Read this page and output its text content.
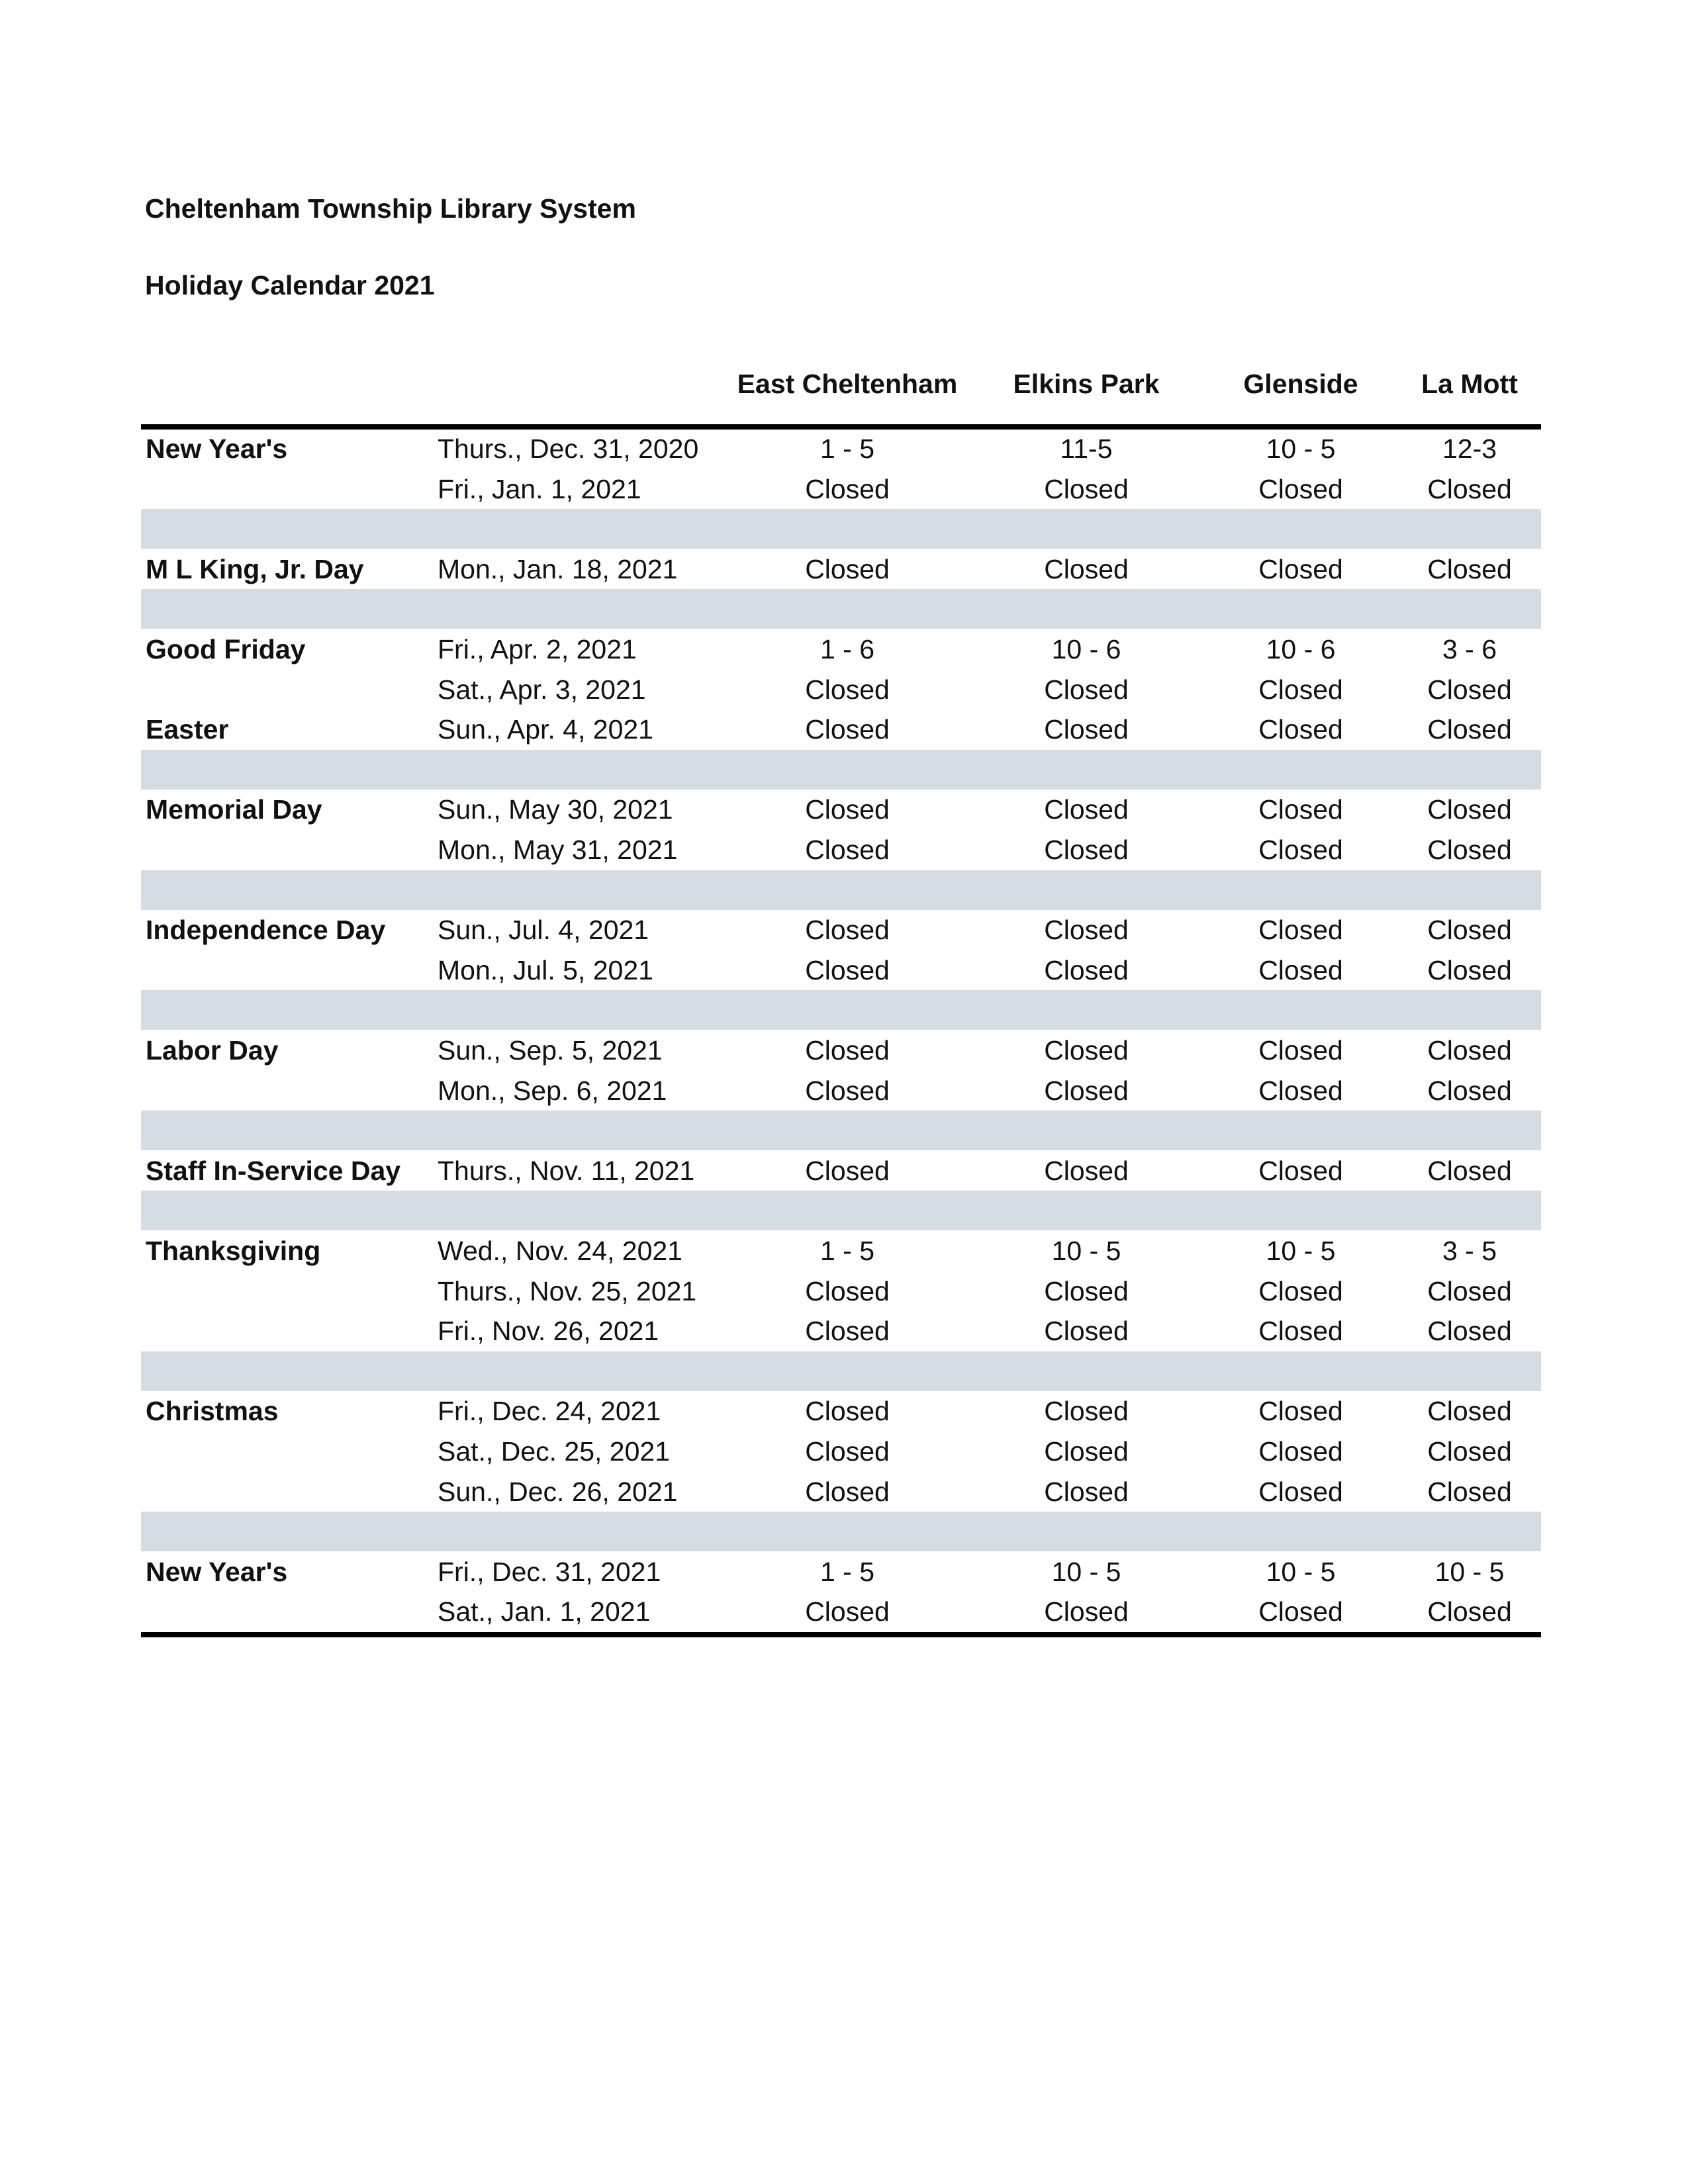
Cheltenham Township Library System
Holiday Calendar 2021
East Cheltenham	Elkins Park	Glenside	La Mott
New Year's	Thurs., Dec. 31, 2020	1 - 5	11-5	10 - 5	12-3
Fri., Jan. 1, 2021	Closed	Closed	Closed	Closed
M L King, Jr. Day	Mon., Jan. 18, 2021	Closed	Closed	Closed	Closed
Good Friday	Fri., Apr. 2, 2021	1 - 6	10 - 6	10 - 6	3 - 6
Sat., Apr. 3, 2021	Closed	Closed	Closed	Closed
Easter	Sun., Apr. 4, 2021	Closed	Closed	Closed	Closed
Memorial Day	Sun., May 30, 2021	Closed	Closed	Closed	Closed
Mon., May 31, 2021	Closed	Closed	Closed	Closed
Independence Day Sun., Jul. 4, 2021	Closed	Closed	Closed	Closed
Mon., Jul. 5, 2021	Closed	Closed	Closed	Closed
Labor Day	Sun., Sep. 5, 2021	Closed	Closed	Closed	Closed
Mon., Sep. 6, 2021	Closed	Closed	Closed	Closed
Staff In-Service Day Thurs., Nov. 11, 2021	Closed	Closed	Closed	Closed
Thanksgiving	Wed., Nov. 24, 2021	1 - 5	10 - 5	10 - 5	3 - 5
Thurs., Nov. 25, 2021	Closed	Closed	Closed	Closed
Fri., Nov. 26, 2021	Closed	Closed	Closed	Closed
Christmas	Fri., Dec. 24, 2021	Closed	Closed	Closed	Closed
Sat., Dec. 25, 2021	Closed	Closed	Closed	Closed
Sun., Dec. 26, 2021	Closed	Closed	Closed	Closed
New Year's	Fri., Dec. 31, 2021	1 - 5	10 - 5	10 - 5	10 - 5
Sat., Jan. 1, 2021	Closed	Closed	Closed	Closed
